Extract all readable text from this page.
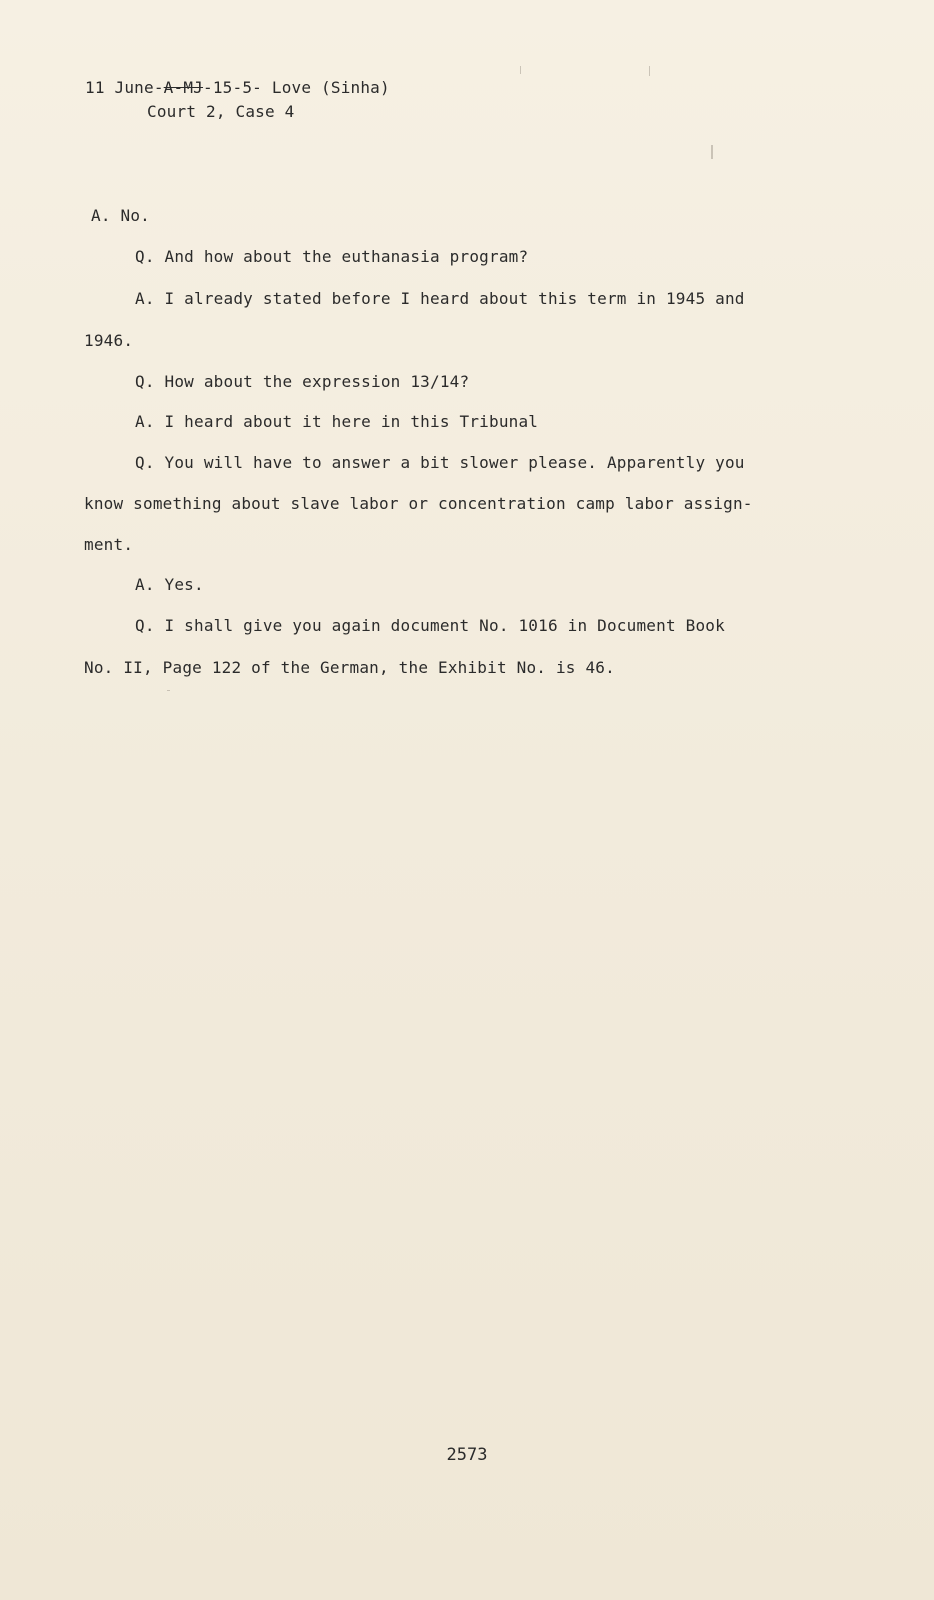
11 June-A-MJ-15-5- Love (Sinha)
Court 2, Case 4
A. No.
Q. And how about the euthanasia program?
A. I already stated before I heard about this term in 1945 and
1946.
Q. How about the expression 13/14?
A. I heard about it here in this Tribunal
Q. You will have to answer a bit slower please. Apparently you
know something about slave labor or concentration camp labor assign-
ment.
A. Yes.
Q. I shall give you again document No. 1016 in Document Book
No. II, Page 122 of the German, the Exhibit No. is 46.
2573
